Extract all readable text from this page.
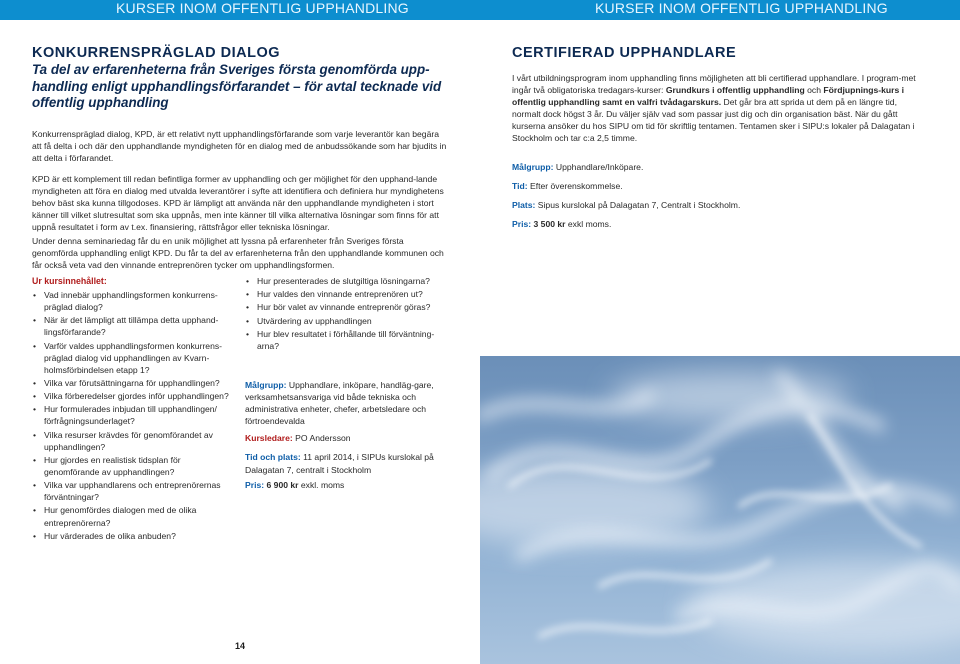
KURSER INOM OFFENTLIG UPPHANDLING	KURSER INOM OFFENTLIG UPPHANDLING
KONKURRENSPRÄGLAD DIALOG
Ta del av erfarenheterna från Sveriges första genomförda upp-
handling enligt upphandlingsförfarandet – för avtal tecknade vid
offentlig upphandling

Konkurrenspräglad dialog, KPD, är ett relativt nytt upphandlingsförfarande som varje leverantör kan begära att få delta i och där den upphandlande myndigheten för en dialog med de anbudssökande som har bjudits in att delta i förfarandet.

KPD är ett komplement till redan befintliga former av upphandling och ger möjlighet för den upphand-lande myndigheten att föra en dialog med utvalda leverantörer i syfte att identifiera och definiera hur myndighetens behov bäst ska kunna tillgodoses. KPD är lämpligt att använda när den upphandlande myndigheten i stort känner till vilket slutresultat som ska uppnås, men inte känner till vilka alternativa lösningar som finns för att uppnå resultatet i form av t.ex. finansiering, rättsfrågor eller tekniska lösningar.

Under denna seminariedag får du en unik möjlighet att lyssna på erfarenheter från Sveriges första genomförda upphandling enligt KPD. Du får ta del av erfarenheterna från den upphandlande kommunen och får också veta vad den vinnande entreprenören tycker om upphandlingsformen.

Ur kursinnehållet:
• Vad innebär upphandlingsformen konkurrens-präglad dialog?
• När är det lämpligt att tillämpa detta upphand-lingsförfarande?
• Varför valdes upphandlingsformen konkurrens-präglad dialog vid upphandlingen av Kvarn-holmsförbindelsen etapp 1?
• Vilka var förutsättningarna för upphandlingen?
• Vilka förberedelser gjordes inför upphandlingen?
• Hur formulerades inbjudan till upphandlingen/ förfrågningsunderlaget?
• Vilka resurser krävdes för genomförandet av upphandlingen?
• Hur gjordes en realistisk tidsplan för genomförande av upphandlingen?
• Vilka var upphandlarens och entreprenörernas förväntningar?
• Hur genomfördes dialogen med de olika entreprenörerna?
• Hur värderades de olika anbuden?
• Hur presenterades de slutgiltiga lösningarna?
• Hur valdes den vinnande entreprenören ut?
• Hur bör valet av vinnande entreprenör göras?
• Utvärdering av upphandlingen
• Hur blev resultatet i förhållande till förväntning-arna?

Målgrupp: Upphandlare, inköpare, handläg-gare, verksamhetsansvariga vid både tekniska och administrativa enheter, chefer, arbetsledare och förtroendevalda

Kursledare: PO Andersson

Tid och plats: 11 april 2014, i SIPUs kurslokal på Dalagatan 7, centralt i Stockholm

Pris: 6 900 kr exkl. moms

14
CERTIFIERAD UPPHANDLARE

I vårt utbildningsprogram inom upphandling finns möjligheten att bli certifierad upphandlare. I program-met ingår två obligatoriska tredagars-kurser: Grundkurs i offentlig upphandling och Fördjupnings-kurs i offentlig upphandling samt en valfri tvådagarskurs. Det går bra att sprida ut dem på en längre tid, normalt dock högst 3 år. Du väljer själv vad som passar just dig och din organisation bäst. När du gått kurserna ansöker du hos SIPU om tid för skriftlig tentamen. Tentamen sker i SIPU:s lokaler på Dalagatan i Stockholm och tar c:a 2,5 timme.

Målgrupp: Upphandlare/Inköpare.

Tid: Efter överenskommelse.

Plats: Sipus kurslokal på Dalagatan 7, Centralt i Stockholm.

Pris: 3 500 kr exkl moms.
